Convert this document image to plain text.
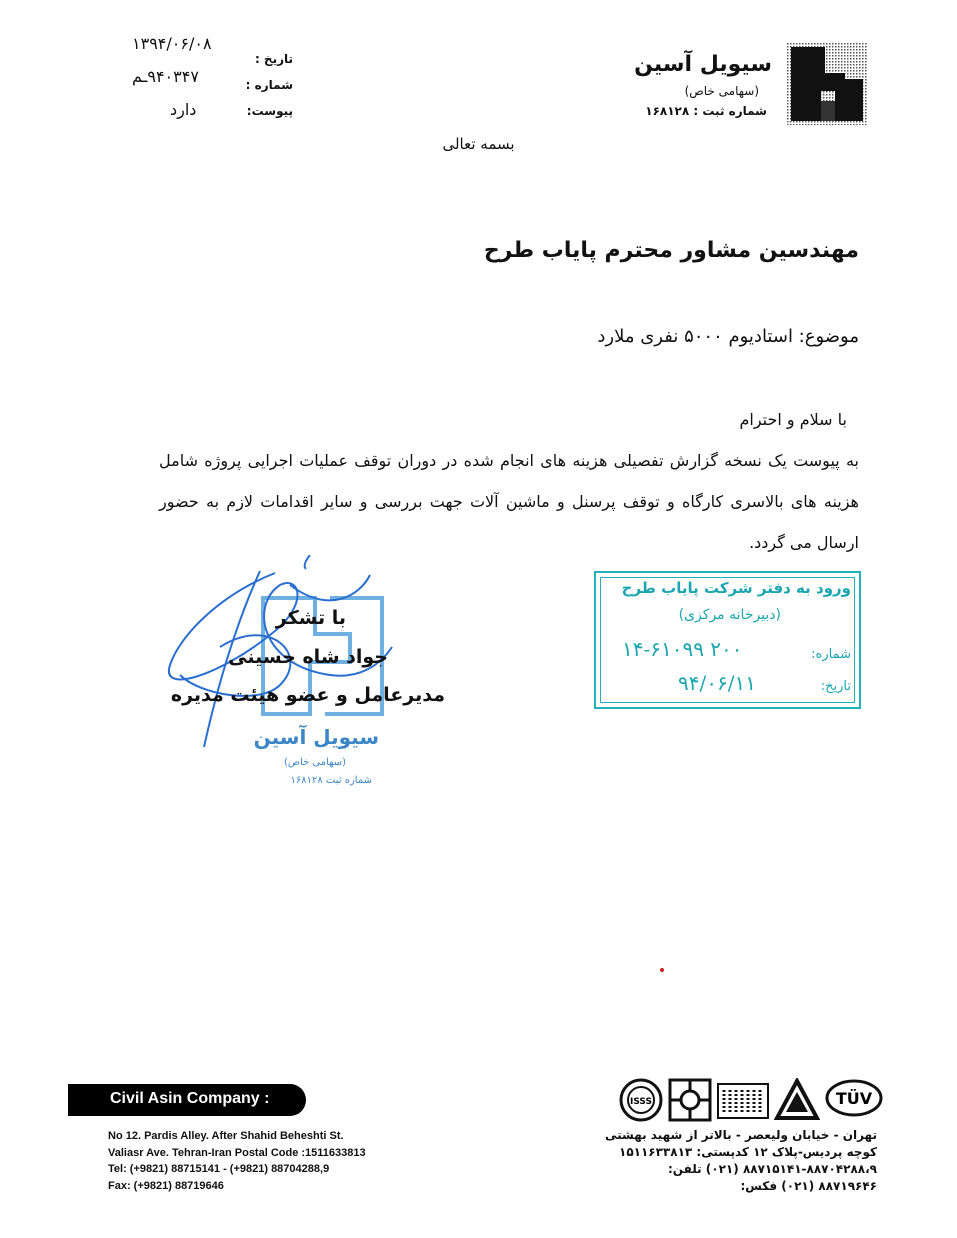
سیویل آسین
(سهامی خاص)
شماره ثبت : ۱۶۸۱۲۸
تاریخ :
شماره :
پیوست:
۱۳۹۴/۰۶/۰۸
۹۴۰۳۴۷ـم
دارد
بسمه تعالی
مهندسین مشاور محترم پایاب طرح
موضوع: استادیوم ۵۰۰۰ نفری ملارد
با سلام و احترام
به پیوست یک نسخه گزارش تفصیلی هزینه های انجام شده در دوران توقف عملیات اجرایی پروژه شامل هزینه های بالاسری کارگاه و توقف پرسنل و ماشین آلات جهت بررسی و سایر اقدامات لازم به حضور ارسال می گردد.
سیویل آسین
(سهامی خاص)
شماره ثبت ۱۶۸۱۲۸
با تشکر
جواد شاه حسینی
مدیرعامل و عضو هیئت مدیره
ورود به دفتر شرکت پایاب طرح
(دبیرخانه مرکزی)
شماره:
تاریخ:
۱۴-۶۱۰۹۹ ۲۰۰
۹۴/۰۶/۱۱
Civil Asin Company :
No 12. Pardis Alley. After Shahid Beheshti St.
Valiasr Ave. Tehran-Iran Postal Code :1511633813
Tel: (+9821) 88715141 - (+9821) 88704288,9
Fax: (+9821) 88719646
تهران - خیابان ولیعصر - بالاتر از شهید بهشتی
کوچه پردیس-پلاک ۱۲ کدپستی: ۱۵۱۱۶۳۳۸۱۳
۸۸۷۱۵۱۴۱-۸۸۷۰۴۲۸۸،۹ (۰۲۱) تلفن:
۸۸۷۱۹۶۴۶ (۰۲۱) فکس:
ISSS	TÜV
